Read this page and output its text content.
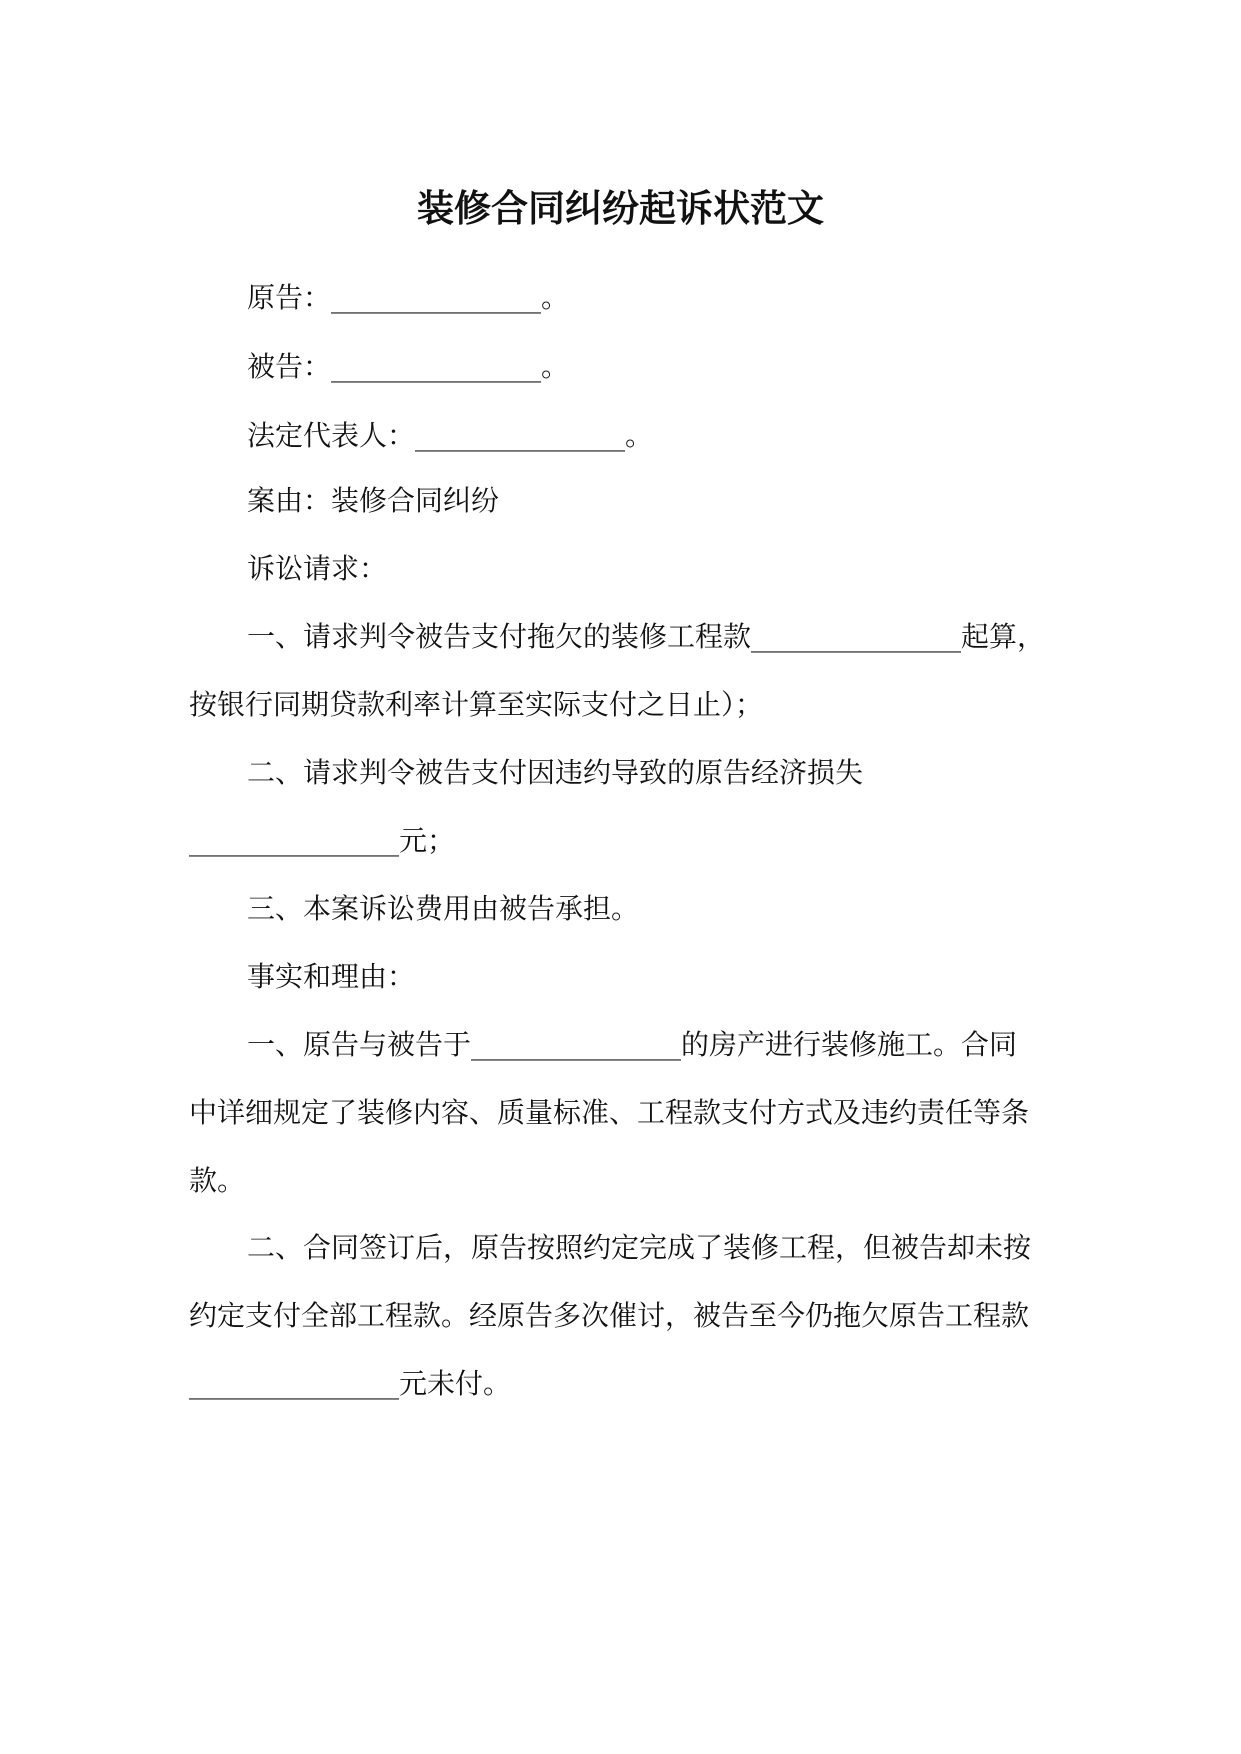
装修合同纠纷起诉状范文
原告：_______________。
被告：_______________。
法定代表人：_______________。
案由：装修合同纠纷
诉讼请求：
一、请求判令被告支付拖欠的装修工程款_______________起算，
按银行同期贷款利率计算至实际支付之日止）；
二、请求判令被告支付因违约导致的原告经济损失
_______________元；
三、本案诉讼费用由被告承担。
事实和理由：
一、原告与被告于_______________的房产进行装修施工。合同
中详细规定了装修内容、质量标准、工程款支付方式及违约责任等条
款。
二、合同签订后，原告按照约定完成了装修工程，但被告却未按
约定支付全部工程款。经原告多次催讨，被告至今仍拖欠原告工程款
_______________元未付。
